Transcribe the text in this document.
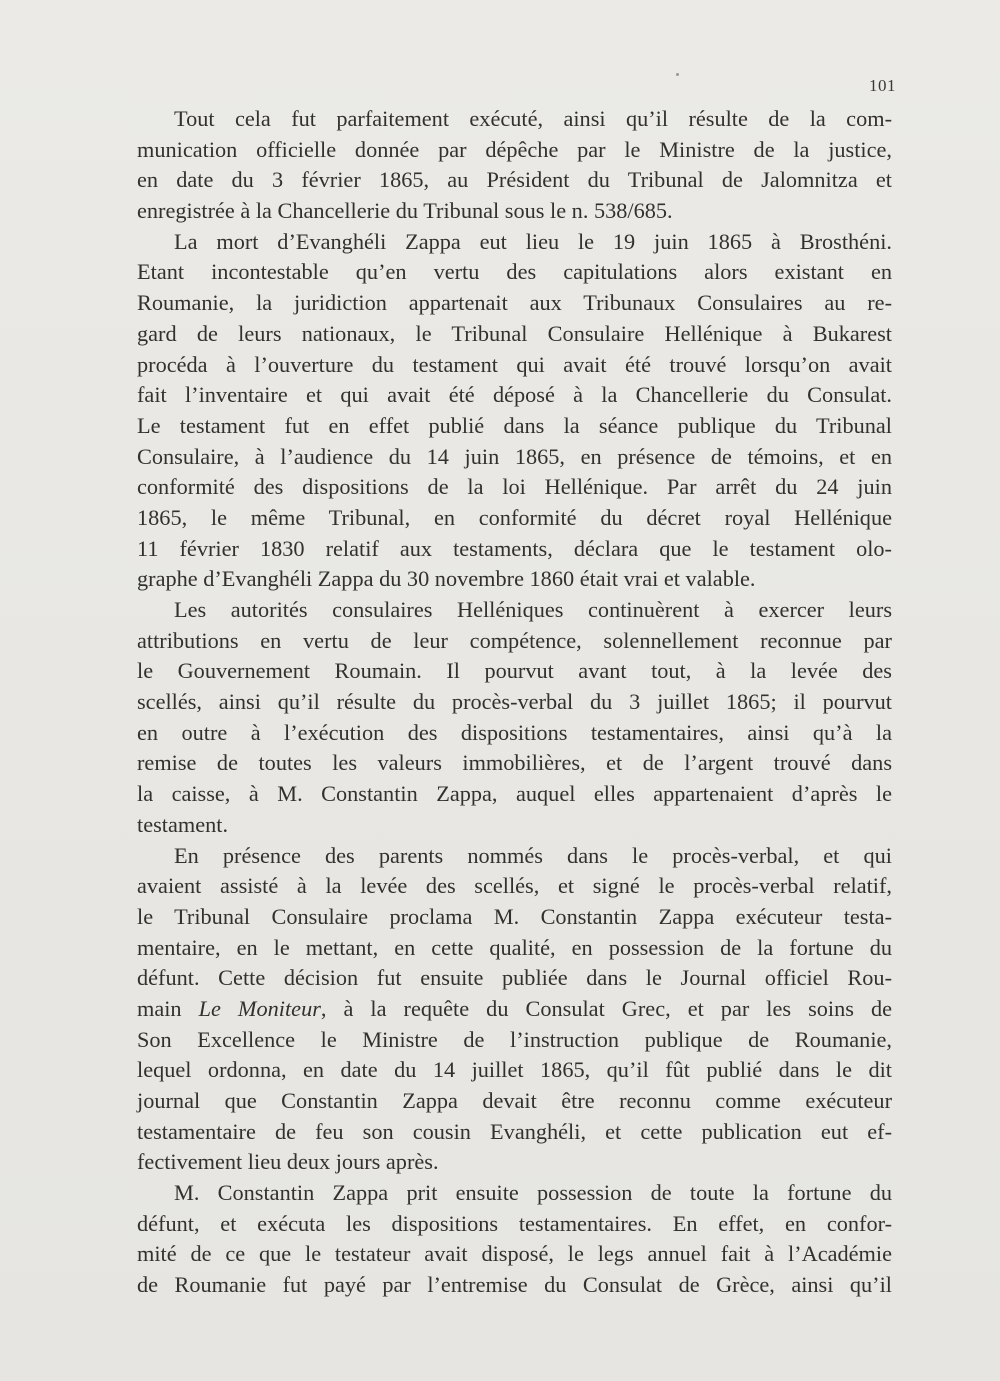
101
Tout cela fut parfaitement exécuté, ainsi qu’il résulte de la com-
munication officielle donnée par dépêche par le Ministre de la justice,
en date du 3 février 1865, au Président du Tribunal de Jalomnitza et
enregistrée à la Chancellerie du Tribunal sous le n. 538/685.
La mort d’Evanghéli Zappa eut lieu le 19 juin 1865 à Brosthéni.
Etant incontestable qu’en vertu des capitulations alors existant en
Roumanie, la juridiction appartenait aux Tribunaux Consulaires au re-
gard de leurs nationaux, le Tribunal Consulaire Hellénique à Bukarest
procéda à l’ouverture du testament qui avait été trouvé lorsqu’on avait
fait l’inventaire et qui avait été déposé à la Chancellerie du Consulat.
Le testament fut en effet publié dans la séance publique du Tribunal
Consulaire, à l’audience du 14 juin 1865, en présence de témoins, et en
conformité des dispositions de la loi Hellénique. Par arrêt du 24 juin
1865, le même Tribunal, en conformité du décret royal Hellénique
11 février 1830 relatif aux testaments, déclara que le testament olo-
graphe d’Evanghéli Zappa du 30 novembre 1860 était vrai et valable.
Les autorités consulaires Helléniques continuèrent à exercer leurs
attributions en vertu de leur compétence, solennellement reconnue par
le Gouvernement Roumain. Il pourvut avant tout, à la levée des
scellés, ainsi qu’il résulte du procès-verbal du 3 juillet 1865; il pourvut
en outre à l’exécution des dispositions testamentaires, ainsi qu’à la
remise de toutes les valeurs immobilières, et de l’argent trouvé dans
la caisse, à M. Constantin Zappa, auquel elles appartenaient d’après le
testament.
En présence des parents nommés dans le procès-verbal, et qui
avaient assisté à la levée des scellés, et signé le procès-verbal relatif,
le Tribunal Consulaire proclama M. Constantin Zappa exécuteur testa-
mentaire, en le mettant, en cette qualité, en possession de la fortune du
défunt. Cette décision fut ensuite publiée dans le Journal officiel Rou-
main Le Moniteur, à la requête du Consulat Grec, et par les soins de
Son Excellence le Ministre de l’instruction publique de Roumanie,
lequel ordonna, en date du 14 juillet 1865, qu’il fût publié dans le dit
journal que Constantin Zappa devait être reconnu comme exécuteur
testamentaire de feu son cousin Evanghéli, et cette publication eut ef-
fectivement lieu deux jours après.
M. Constantin Zappa prit ensuite possession de toute la fortune du
défunt, et exécuta les dispositions testamentaires. En effet, en confor-
mité de ce que le testateur avait disposé, le legs annuel fait à l’Académie
de Roumanie fut payé par l’entremise du Consulat de Grèce, ainsi qu’il
